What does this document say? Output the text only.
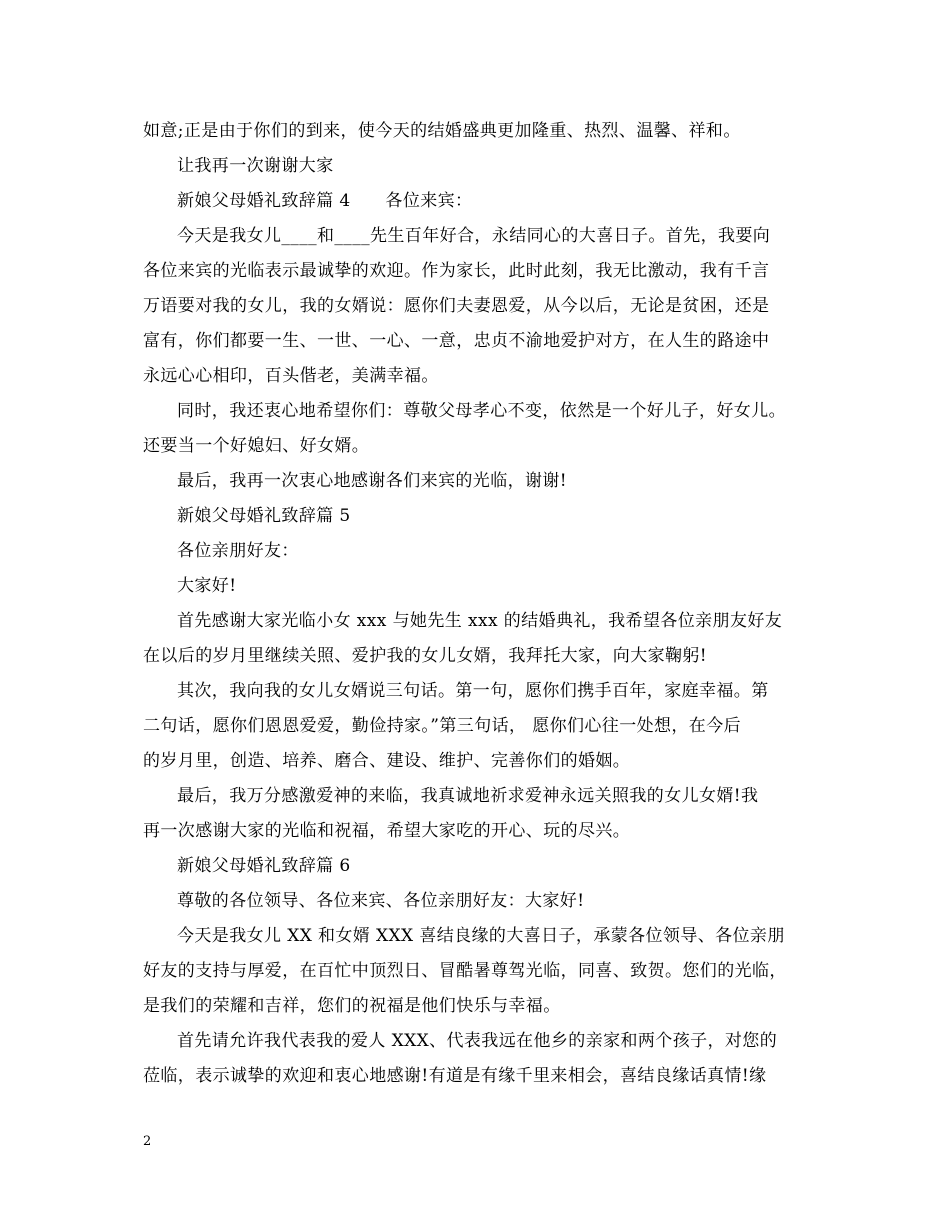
如意;正是由于你们的到来，使今天的结婚盛典更加隆重、热烈、温馨、祥和。
让我再一次谢谢大家
新娘父母婚礼致辞篇 4　　各位来宾：
今天是我女儿____和____先生百年好合，永结同心的大喜日子。首先，我要向
各位来宾的光临表示最诚挚的欢迎。作为家长，此时此刻，我无比激动，我有千言
万语要对我的女儿，我的女婿说：愿你们夫妻恩爱，从今以后，无论是贫困，还是
富有，你们都要一生、一世、一心、一意，忠贞不渝地爱护对方，在人生的路途中
永远心心相印，百头偕老，美满幸福。
同时，我还衷心地希望你们：尊敬父母孝心不变，依然是一个好儿子，好女儿。
还要当一个好媳妇、好女婿。
最后，我再一次衷心地感谢各们来宾的光临，谢谢!
新娘父母婚礼致辞篇 5
各位亲朋好友：
大家好!
首先感谢大家光临小女 xxx 与她先生 xxx 的结婚典礼，我希望各位亲朋友好友
在以后的岁月里继续关照、爱护我的女儿女婿，我拜托大家，向大家鞠躬!
其次，我向我的女儿女婿说三句话。第一句，愿你们携手百年，家庭幸福。第
二句话，愿你们恩恩爱爱，勤俭持家。”第三句话， 愿你们心往一处想，在今后
的岁月里，创造、培养、磨合、建设、维护、完善你们的婚姻。
最后，我万分感激爱神的来临，我真诚地祈求爱神永远关照我的女儿女婿!我
再一次感谢大家的光临和祝福，希望大家吃的开心、玩的尽兴。
新娘父母婚礼致辞篇 6
尊敬的各位领导、各位来宾、各位亲朋好友：大家好!
今天是我女儿 XX 和女婿 XXX 喜结良缘的大喜日子，承蒙各位领导、各位亲朋
好友的支持与厚爱，在百忙中顶烈日、冒酷暑尊驾光临，同喜、致贺。您们的光临，
是我们的荣耀和吉祥，您们的祝福是他们快乐与幸福。
首先请允许我代表我的爱人 XXX、代表我远在他乡的亲家和两个孩子，对您的
莅临，表示诚挚的欢迎和衷心地感谢!有道是有缘千里来相会，喜结良缘话真情!缘
2
